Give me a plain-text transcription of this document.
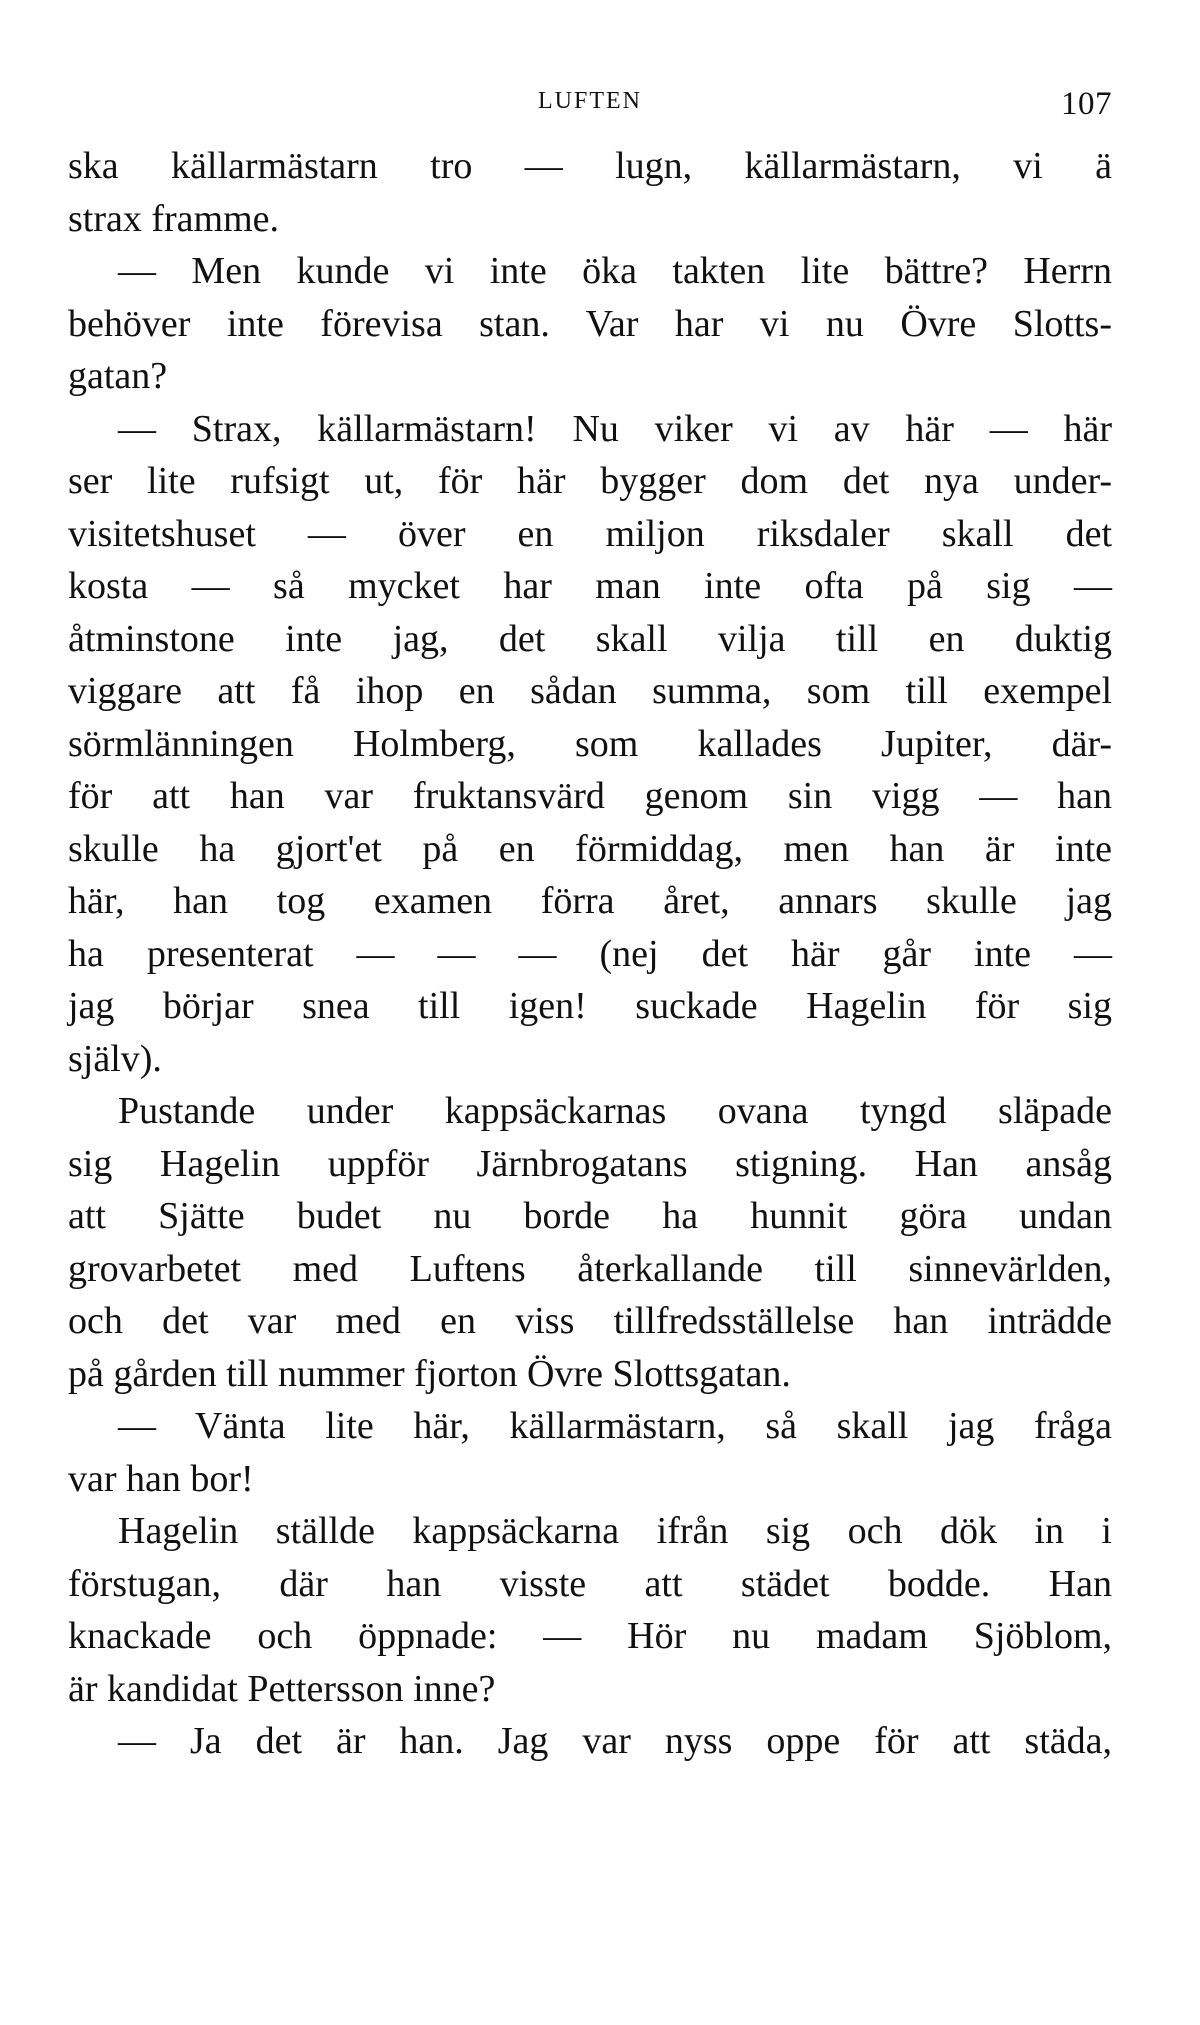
LUFTEN	107
ska källarmästarn tro — lugn, källarmästarn, vi ä
strax framme.
— Men kunde vi inte öka takten lite bättre? Herrn
behöver inte förevisa stan. Var har vi nu Övre Slotts-
gatan?
— Strax, källarmästarn! Nu viker vi av här — här
ser lite rufsigt ut, för här bygger dom det nya under-
visitetshuset — över en miljon riksdaler skall det
kosta — så mycket har man inte ofta på sig —
åtminstone inte jag, det skall vilja till en duktig
viggare att få ihop en sådan summa, som till exempel
sörmlänningen Holmberg, som kallades Jupiter, där-
för att han var fruktansvärd genom sin vigg — han
skulle ha gjort'et på en förmiddag, men han är inte
här, han tog examen förra året, annars skulle jag
ha presenterat — — — (nej det här går inte —
jag börjar snea till igen! suckade Hagelin för sig
själv).
Pustande under kappsäckarnas ovana tyngd släpade
sig Hagelin uppför Järnbrogatans stigning. Han ansåg
att Sjätte budet nu borde ha hunnit göra undan
grovarbetet med Luftens återkallande till sinnevärlden,
och det var med en viss tillfredsställelse han inträdde
på gården till nummer fjorton Övre Slottsgatan.
— Vänta lite här, källarmästarn, så skall jag fråga
var han bor!
Hagelin ställde kappsäckarna ifrån sig och dök in i
förstugan, där han visste att städet bodde. Han
knackade och öppnade: — Hör nu madam Sjöblom,
är kandidat Pettersson inne?
— Ja det är han. Jag var nyss oppe för att städa,
